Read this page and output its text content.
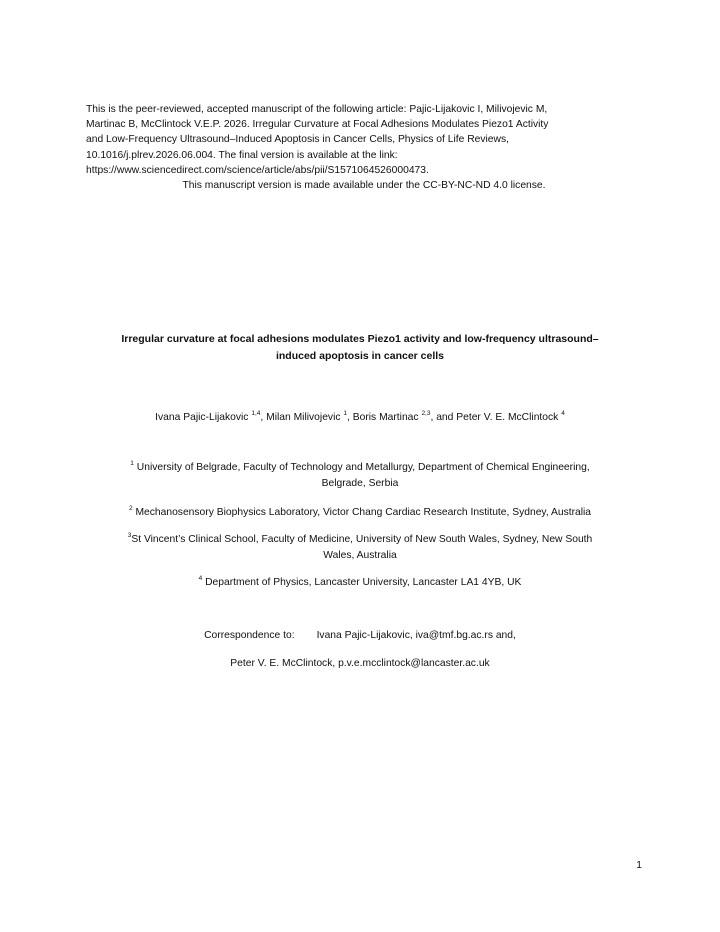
This is the peer-reviewed, accepted manuscript of the following article: Pajic-Lijakovic I, Milivojevic M,
Martinac B, McClintock V.E.P. 2026. Irregular Curvature at Focal Adhesions Modulates Piezo1 Activity
and Low-Frequency Ultrasound–Induced Apoptosis in Cancer Cells, Physics of Life Reviews,
10.1016/j.plrev.2026.06.004. The final version is available at the link:
https://www.sciencedirect.com/science/article/abs/pii/S1571064526000473.
This manuscript version is made available under the CC-BY-NC-ND 4.0 license.
Irregular curvature at focal adhesions modulates Piezo1 activity and low-frequency ultrasound–
induced apoptosis in cancer cells
Ivana Pajic-Lijakovic $^{1,4}$, Milan Milivojevic $^1$, Boris Martinac $^{2,3}$, and Peter V. E. McClintock $^4$
$^1$ University of Belgrade, Faculty of Technology and Metallurgy, Department of Chemical Engineering,
Belgrade, Serbia
$^2$ Mechanosensory Biophysics Laboratory, Victor Chang Cardiac Research Institute, Sydney, Australia
$^3$St Vincent’s Clinical School, Faculty of Medicine, University of New South Wales, Sydney, New South
Wales, Australia
$^4$ Department of Physics, Lancaster University, Lancaster LA1 4YB, UK
Correspondence to: Ivana Pajic-Lijakovic, iva@tmf.bg.ac.rs and,
Peter V. E. McClintock, p.v.e.mcclintock@lancaster.ac.uk
1
